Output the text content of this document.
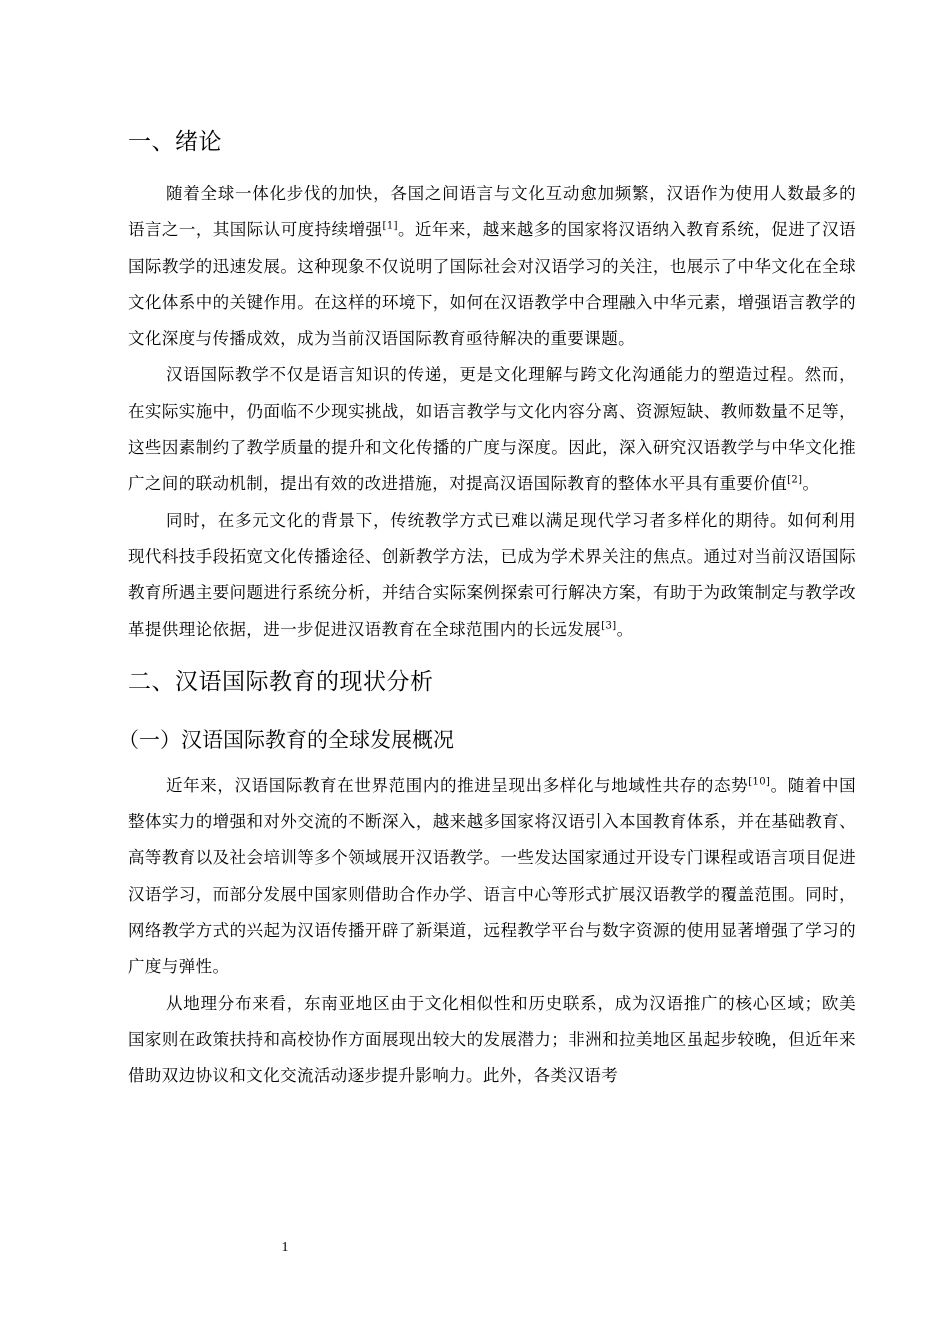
一、绪论

随着全球一体化步伐的加快，各国之间语言与文化互动愈加频繁，汉语作为使用人数最多的语言之一，其国际认可度持续增强[1]。近年来，越来越多的国家将汉语纳入教育系统，促进了汉语国际教学的迅速发展。这种现象不仅说明了国际社会对汉语学习的关注，也展示了中华文化在全球文化体系中的关键作用。在这样的环境下，如何在汉语教学中合理融入中华元素，增强语言教学的文化深度与传播成效，成为当前汉语国际教育亟待解决的重要课题。

汉语国际教学不仅是语言知识的传递，更是文化理解与跨文化沟通能力的塑造过程。然而，在实际实施中，仍面临不少现实挑战，如语言教学与文化内容分离、资源短缺、教师数量不足等，这些因素制约了教学质量的提升和文化传播的广度与深度。因此，深入研究汉语教学与中华文化推广之间的联动机制，提出有效的改进措施，对提高汉语国际教育的整体水平具有重要价值[2]。

同时，在多元文化的背景下，传统教学方式已难以满足现代学习者多样化的期待。如何利用现代科技手段拓宽文化传播途径、创新教学方法，已成为学术界关注的焦点。通过对当前汉语国际教育所遇主要问题进行系统分析，并结合实际案例探索可行解决方案，有助于为政策制定与教学改革提供理论依据，进一步促进汉语教育在全球范围内的长远发展[3]。

二、汉语国际教育的现状分析
（一）汉语国际教育的全球发展概况

近年来，汉语国际教育在世界范围内的推进呈现出多样化与地域性共存的态势[10]。随着中国整体实力的增强和对外交流的不断深入，越来越多国家将汉语引入本国教育体系，并在基础教育、高等教育以及社会培训等多个领域展开汉语教学。一些发达国家通过开设专门课程或语言项目促进汉语学习，而部分发展中国家则借助合作办学、语言中心等形式扩展汉语教学的覆盖范围。同时，网络教学方式的兴起为汉语传播开辟了新渠道，远程教学平台与数字资源的使用显著增强了学习的广度与弹性。

从地理分布来看，东南亚地区由于文化相似性和历史联系，成为汉语推广的核心区域；欧美国家则在政策扶持和高校协作方面展现出较大的发展潜力；非洲和拉美地区虽起步较晚，但近年来借助双边协议和文化交流活动逐步提升影响力。此外，各类汉语考

1
